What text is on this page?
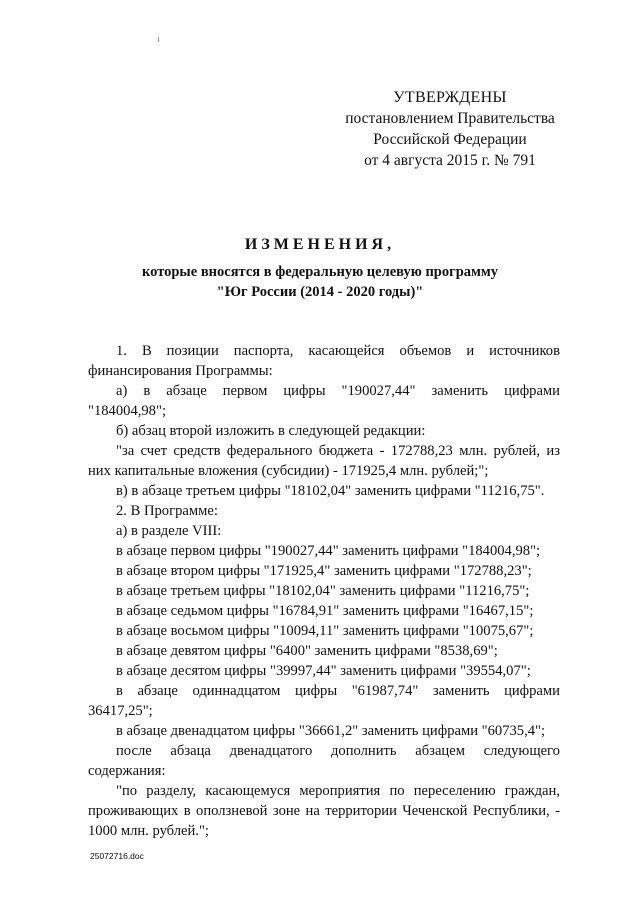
УТВЕРЖДЕНЫ
постановлением Правительства
Российской Федерации
от 4 августа 2015 г. № 791
ИЗМЕНЕНИЯ,
которые вносятся в федеральную целевую программу
"Юг России (2014 - 2020 годы)"
1. В позиции паспорта, касающейся объемов и источников
финансирования Программы:
а) в абзаце первом цифры "190027,44" заменить цифрами
"184004,98";
б) абзац второй изложить в следующей редакции:
"за счет средств федерального бюджета - 172788,23 млн. рублей, из
них капитальные вложения (субсидии) - 171925,4 млн. рублей;";
в) в абзаце третьем цифры "18102,04" заменить цифрами "11216,75".
2. В Программе:
а) в разделе VIII:
в абзаце первом цифры "190027,44" заменить цифрами "184004,98";
в абзаце втором цифры "171925,4" заменить цифрами "172788,23";
в абзаце третьем цифры "18102,04" заменить цифрами "11216,75";
в абзаце седьмом цифры "16784,91" заменить цифрами "16467,15";
в абзаце восьмом цифры "10094,11" заменить цифрами "10075,67";
в абзаце девятом цифры "6400" заменить цифрами "8538,69";
в абзаце десятом цифры "39997,44" заменить цифрами "39554,07";
в абзаце одиннадцатом цифры "61987,74" заменить цифрами
36417,25";
в абзаце двенадцатом цифры "36661,2" заменить цифрами "60735,4";
после абзаца двенадцатого дополнить абзацем следующего
содержания:
"по разделу, касающемуся мероприятия по переселению граждан,
проживающих в оползневой зоне на территории Чеченской Республики, -
1000 млн. рублей.";
25072716.doc
